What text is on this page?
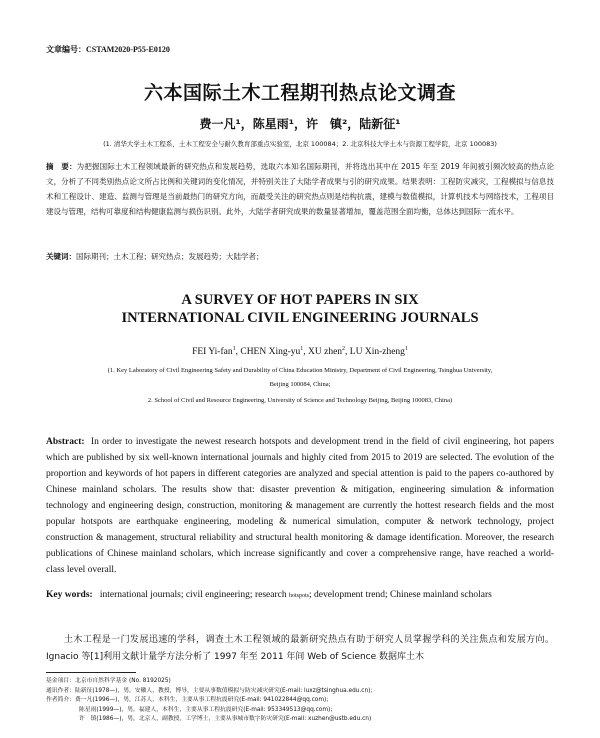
文章编号：CSTAM2020-P55-E0120
六本国际土木工程期刊热点论文调查
费一凡¹，陈星雨¹，许　镇²，陆新征¹
(1. 清华大学土木工程系，土木工程安全与耐久教育部重点实验室，北京 100084；2. 北京科技大学土木与资源工程学院，北京 100083)
摘　要：为把握国际土木工程领域最新的研究热点和发展趋势，选取六本知名国际期刊，并将选出其中在 2015 年至 2019 年间被引频次较高的热点论文，分析了不同类别热点论文所占比例和关键词的变化情况，并特别关注了大陆学者成果与引的研究成果。结果表明：工程防灾减灾，工程模拟与信息技术和工程设计、建造、监测与管理是当前最热门的研究方向，而最受关注的研究热点则是结构抗震，建模与数值模拟，计算机技术与网络技术，工程项目建设与管理，结构可靠度和结构健康监测与损伤识别。此外，大陆学者研究成果的数量显著增加，覆盖范围全面均衡，总体达到国际一流水平。
关键词：国际期刊；土木工程；研究热点；发展趋势；大陆学者；
A SURVEY OF HOT PAPERS IN SIX INTERNATIONAL CIVIL ENGINEERING JOURNALS
FEI Yi-fan$^1$, CHEN Xing-$yu^1$, XU zhen$^2$, LU Xin-zheng$^1$
(1. Key Laboratory of Civil Engineering Safety and Durability of China Education Ministry, Department of Civil Engineering, Tsinghua University,
Beijing 100084, China;
2. School of Civil and Resource Engineering, University of Science and Technology Beijing, Beijing 100083, China)
Abstract: In order to investigate the newest research hotspots and development trend in the field of civil engineering, hot papers which are published by six well-known international journals and highly cited from 2015 to 2019 are selected. The evolution of the proportion and keywords of hot papers in different categories are analyzed and special attention is paid to the papers co-authored by Chinese mainland scholars. The results show that: disaster prevention & mitigation, engineering simulation & information technology and engineering design, construction, monitoring & management are currently the hottest research fields and the most popular hotspots are earthquake engineering, modeling & numerical simulation, computer & network technology, project construction & management, structural reliability and structural health monitoring & damage identification. Moreover, the research publications of Chinese mainland scholars, which increase significantly and cover a comprehensive range, have reached a world-class level overall.
Key words: international journals; civil engineering; research hotspots; development trend; Chinese mainland scholars
土木工程是一门发展迅速的学科，调查土木工程领域的最新研究热点有助于研究人员掌握学科的关注焦点和发展方向。Ignacio 等[1]利用文献计量学方法分析了 1997 年至 2011 年间 Web of Science 数据库土木
基金项目：北京市自然科学基金 (No. 8192025)
通讯作者：陆新征(1978—)，男，安徽人，教授，博导，主要从事数值模拟与防灾减灾研究(E-mail: luxz@tsinghua.edu.cn)；
作者简介：费一凡(1996—)，男，江苏人，本科生，主要从事工程抗震研究(E-mail: 941022844@qq.com)；
陈星雨(1999—)，男，福建人，本科生，主要从事工程抗震研究(E-mail: 953349513@qq.com)；
许　镇(1986—)，男，北京人，副教授，工学博士，主要从事城市数字防灾研究(E-mail: xuzhen@ustb.edu.cn)
